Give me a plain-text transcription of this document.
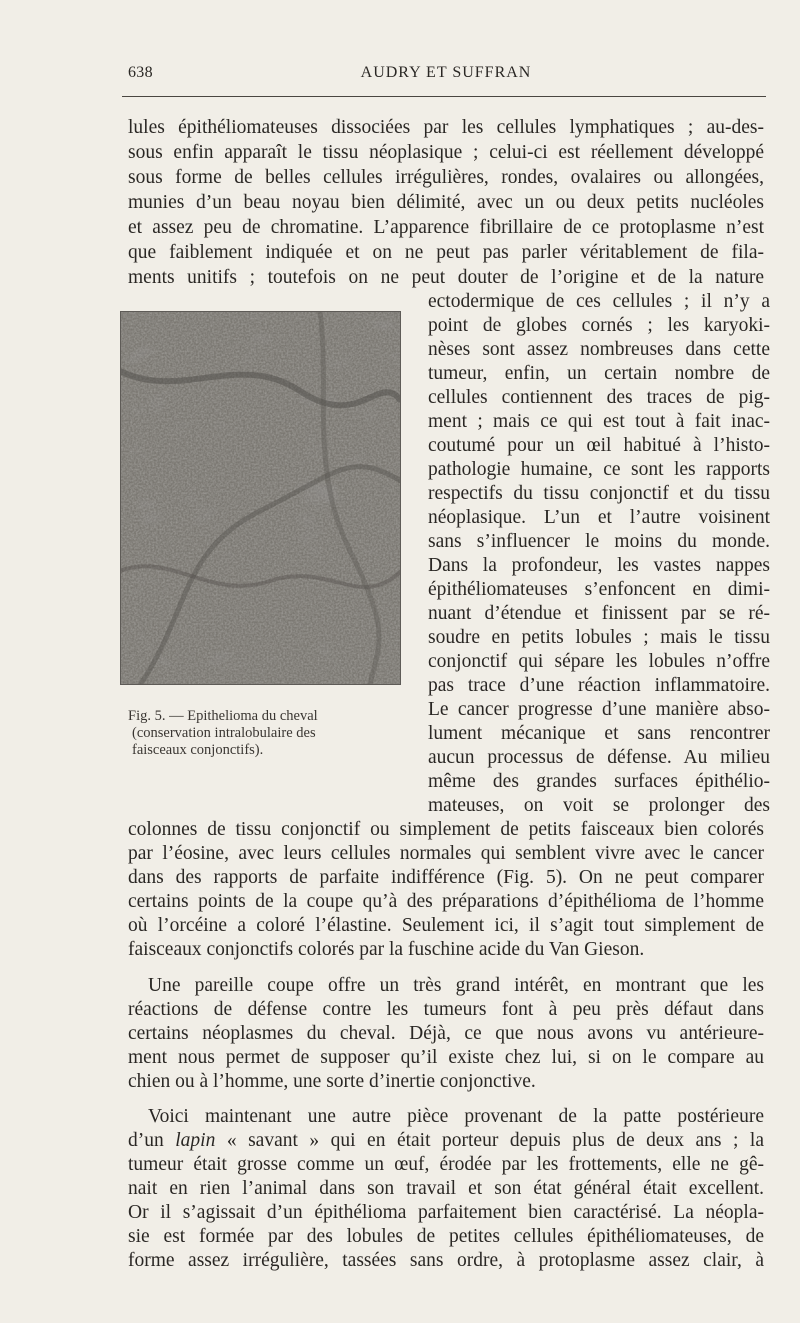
638	AUDRY ET SUFFRAN
lules épithéliomateuses dissociées par les cellules lymphatiques ; au-des-
sous enfin apparaît le tissu néoplasique ; celui-ci est réellement développé
sous forme de belles cellules irrégulières, rondes, ovalaires ou allongées,
munies d’un beau noyau bien délimité, avec un ou deux petits nucléoles
et assez peu de chromatine. L’apparence fibrillaire de ce protoplasme n’est
que faiblement indiquée et on ne peut pas parler véritablement de fila-
ments unitifs ; toutefois on ne peut douter de l’origine et de la nature
ectodermique de ces cellules ; il n’y a
point de globes cornés ; les karyoki-
nèses sont assez nombreuses dans cette
tumeur, enfin, un certain nombre de
cellules contiennent des traces de pig-
ment ; mais ce qui est tout à fait inac-
coutumé pour un œil habitué à l’histo-
pathologie humaine, ce sont les rapports
respectifs du tissu conjonctif et du tissu
néoplasique. L’un et l’autre voisinent
sans s’influencer le moins du monde.
Dans la profondeur, les vastes nappes
épithéliomateuses s’enfoncent en dimi-
nuant d’étendue et finissent par se ré-
soudre en petits lobules ; mais le tissu
conjonctif qui sépare les lobules n’offre
pas trace d’une réaction inflammatoire.
Le cancer progresse d’une manière abso-
lument mécanique et sans rencontrer
aucun processus de défense. Au milieu
même des grandes surfaces épithélio-
mateuses, on voit se prolonger des
Fig. 5. — Epithelioma du cheval
(conservation intralobulaire des
faisceaux conjonctifs).
colonnes de tissu conjonctif ou simplement de petits faisceaux bien colorés
par l’éosine, avec leurs cellules normales qui semblent vivre avec le cancer
dans des rapports de parfaite indifférence (Fig. 5). On ne peut comparer
certains points de la coupe qu’à des préparations d’épithélioma de l’homme
où l’orcéine a coloré l’élastine. Seulement ici, il s’agit tout simplement de
faisceaux conjonctifs colorés par la fuschine acide du Van Gieson.
Une pareille coupe offre un très grand intérêt, en montrant que les
réactions de défense contre les tumeurs font à peu près défaut dans
certains néoplasmes du cheval. Déjà, ce que nous avons vu antérieure-
ment nous permet de supposer qu’il existe chez lui, si on le compare au
chien ou à l’homme, une sorte d’inertie conjonctive.
Voici maintenant une autre pièce provenant de la patte postérieure
d’un lapin « savant » qui en était porteur depuis plus de deux ans ; la
tumeur était grosse comme un œuf, érodée par les frottements, elle ne gê-
nait en rien l’animal dans son travail et son état général était excellent.
Or il s’agissait d’un épithélioma parfaitement bien caractérisé. La néopla-
sie est formée par des lobules de petites cellules épithéliomateuses, de
forme assez irrégulière, tassées sans ordre, à protoplasme assez clair, à
